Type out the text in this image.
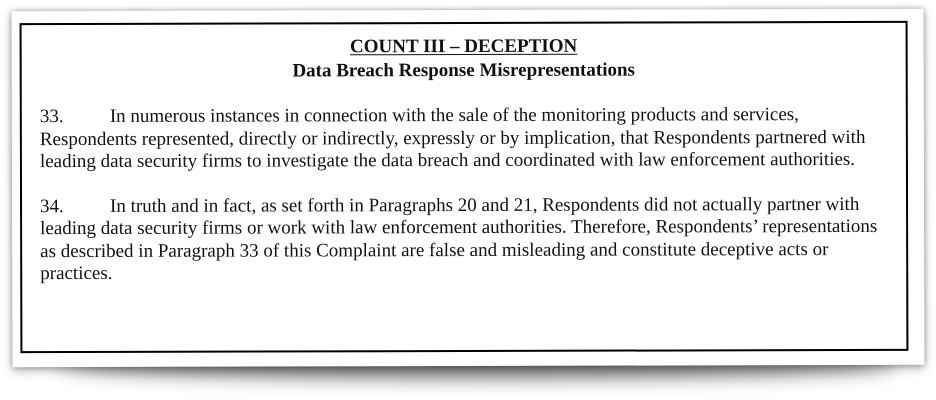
COUNT III – DECEPTION
Data Breach Response Misrepresentations

33. In numerous instances in connection with the sale of the monitoring products and services, Respondents represented, directly or indirectly, expressly or by implication, that Respondents partnered with leading data security firms to investigate the data breach and coordinated with law enforcement authorities.

34. In truth and in fact, as set forth in Paragraphs 20 and 21, Respondents did not actually partner with leading data security firms or work with law enforcement authorities. Therefore, Respondents’ representations as described in Paragraph 33 of this Complaint are false and misleading and constitute deceptive acts or practices.
